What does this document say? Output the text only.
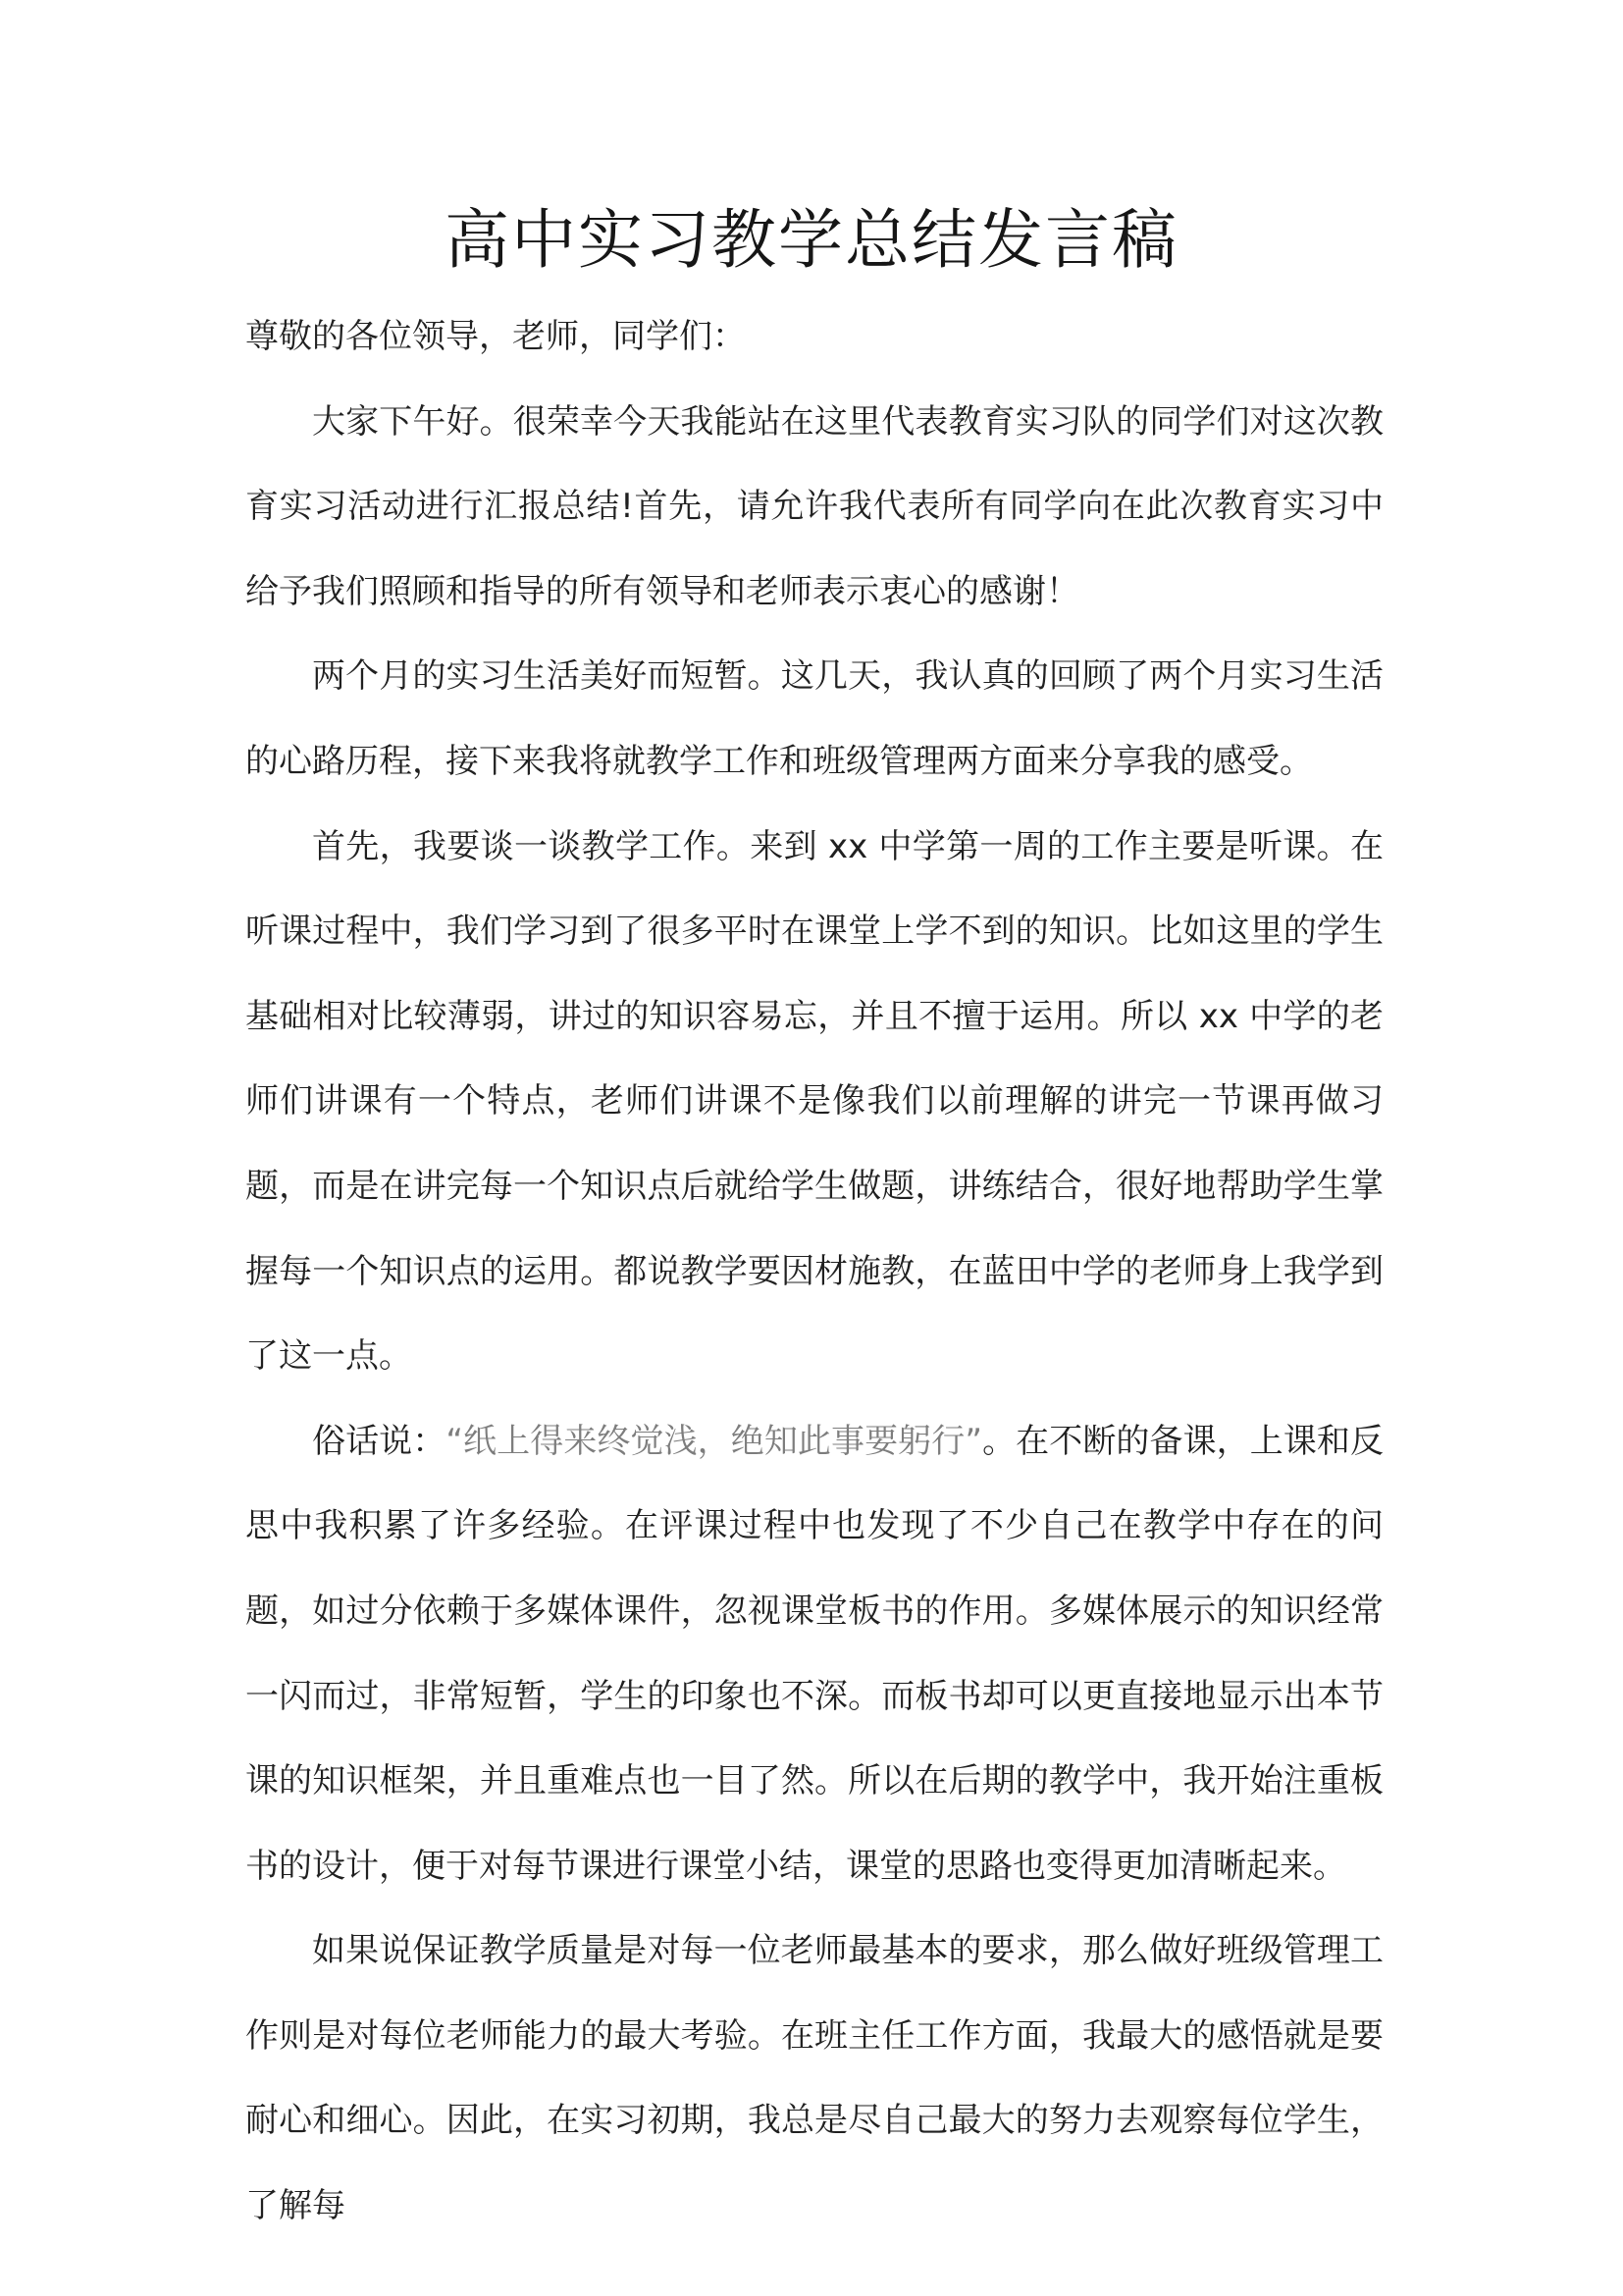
高中实习教学总结发言稿

尊敬的各位领导，老师，同学们：

大家下午好。很荣幸今天我能站在这里代表教育实习队的同学们对这次教育实习活动进行汇报总结!首先，请允许我代表所有同学向在此次教育实习中给予我们照顾和指导的所有领导和老师表示衷心的感谢！

两个月的实习生活美好而短暂。这几天，我认真的回顾了两个月实习生活的心路历程，接下来我将就教学工作和班级管理两方面来分享我的感受。

首先，我要谈一谈教学工作。来到 xx 中学第一周的工作主要是听课。在听课过程中，我们学习到了很多平时在课堂上学不到的知识。比如这里的学生基础相对比较薄弱，讲过的知识容易忘，并且不擅于运用。所以 xx 中学的老师们讲课有一个特点，老师们讲课不是像我们以前理解的讲完一节课再做习题，而是在讲完每一个知识点后就给学生做题，讲练结合，很好地帮助学生掌握每一个知识点的运用。都说教学要因材施教，在蓝田中学的老师身上我学到了这一点。

俗话说：“纸上得来终觉浅，绝知此事要躬行”。在不断的备课，上课和反思中我积累了许多经验。在评课过程中也发现了不少自己在教学中存在的问题，如过分依赖于多媒体课件，忽视课堂板书的作用。多媒体展示的知识经常一闪而过，非常短暂，学生的印象也不深。而板书却可以更直接地显示出本节课的知识框架，并且重难点也一目了然。所以在后期的教学中，我开始注重板书的设计，便于对每节课进行课堂小结，课堂的思路也变得更加清晰起来。

如果说保证教学质量是对每一位老师最基本的要求，那么做好班级管理工作则是对每位老师能力的最大考验。在班主任工作方面，我最大的感悟就是要耐心和细心。因此，在实习初期，我总是尽自己最大的努力去观察每位学生，了解每
